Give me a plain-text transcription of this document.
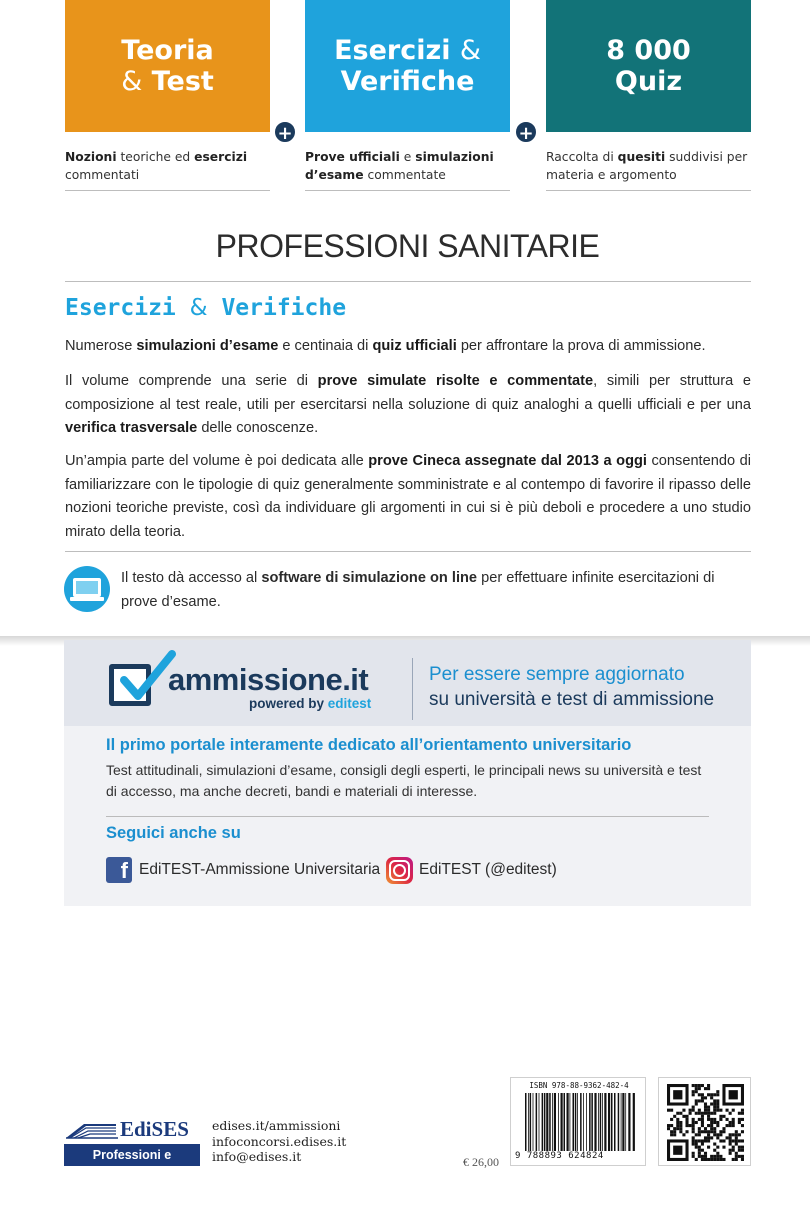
Teoria
& Test
Esercizi &
Verifiche
8 000
Quiz
+	+
Nozioni teoriche ed esercizi commentati
Prove ufficiali e simulazioni d’esame commentate
Raccolta di quesiti suddivisi per materia e argomento
PROFESSIONI SANITARIE
Esercizi & Verifiche
Numerose simulazioni d’esame e centinaia di quiz ufficiali per affrontare la prova di ammissione.
Il volume comprende una serie di prove simulate risolte e commentate, simili per struttura e composizione al test reale, utili per esercitarsi nella soluzione di quiz analoghi a quelli ufficiali e per una verifica trasversale delle conoscenze.
Un’ampia parte del volume è poi dedicata alle prove Cineca assegnate dal 2013 a oggi consentendo di familiarizzare con le tipologie di quiz generalmente somministrate e al contempo di favorire il ripasso delle nozioni teoriche previste, così da individuare gli argomenti in cui si è più deboli e procedere a uno studio mirato della teoria.
Il testo dà accesso al software di simulazione on line per effettuare infinite esercitazioni di prove d’esame.
ammissione.it
powered by editest
Per essere sempre aggiornato
su università e test di ammissione
Il primo portale interamente dedicato all’orientamento universitario
Test attitudinali, simulazioni d’esame, consigli degli esperti, le principali news su università e test di accesso, ma anche decreti, bandi e materiali di interesse.
Seguici anche su
f EdiTEST-Ammissione Universitaria	EdiTEST (@editest)
EdiSES
Professioni e Concorsi
edises.it/ammissioni
infoconcorsi.edises.it
info@edises.it	€ 26,00
ISBN 978-88-9362-482-4
9 788893 624824
